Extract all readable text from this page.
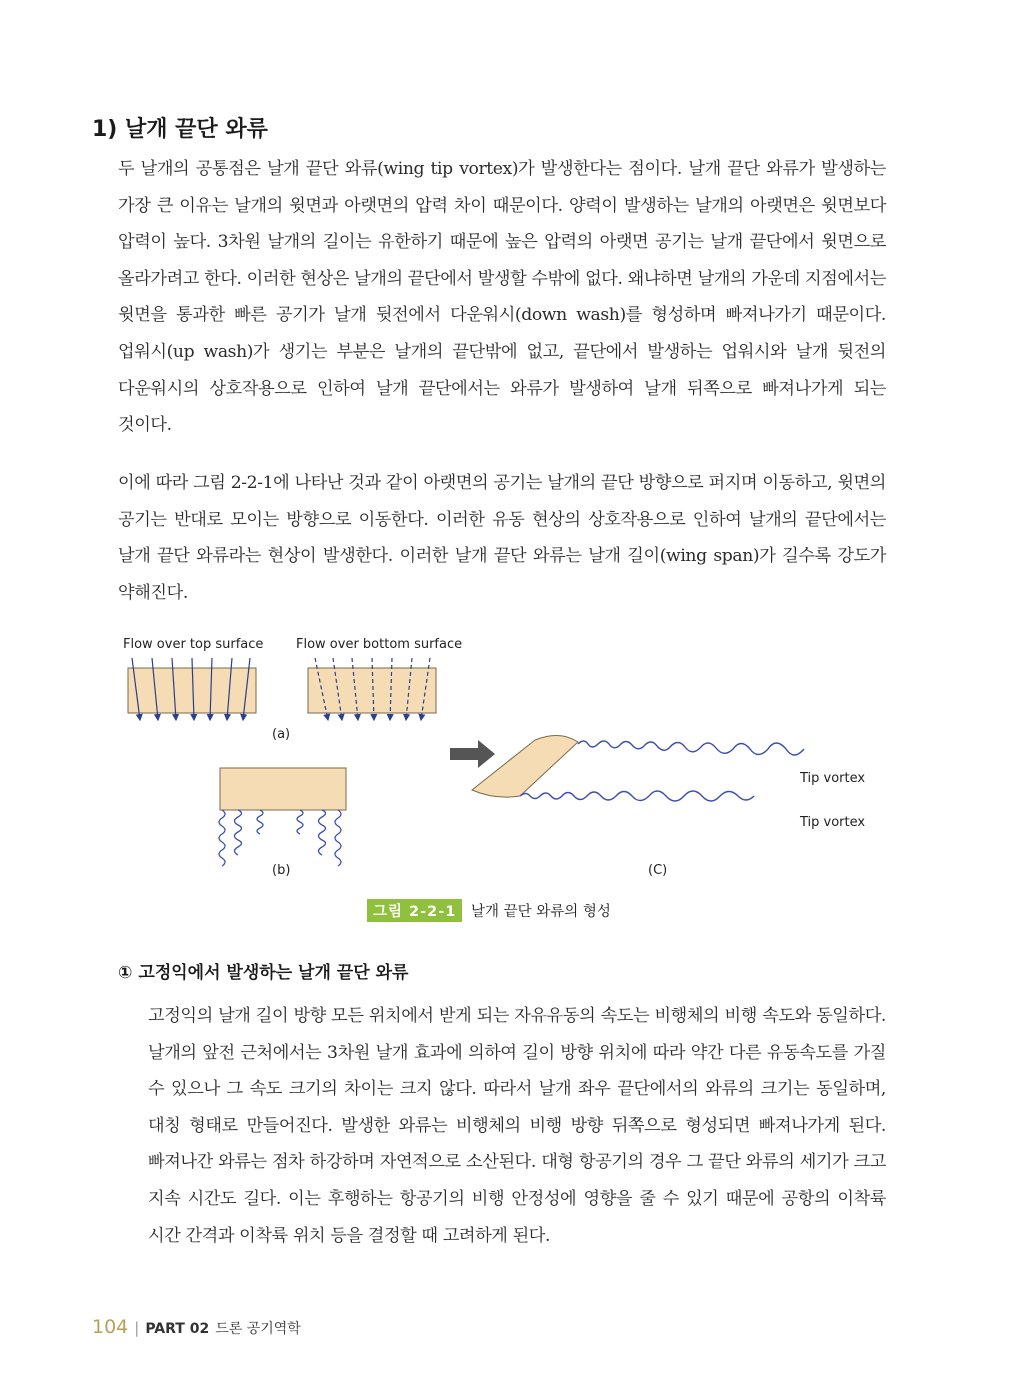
1) 날개 끝단 와류

두 날개의 공통점은 날개 끝단 와류(wing tip vortex)가 발생한다는 점이다. 날개 끝단 와류가 발생하는 가장 큰 이유는 날개의 윗면과 아랫면의 압력 차이 때문이다. 양력이 발생하는 날개의 아랫면은 윗면보다 압력이 높다. 3차원 날개의 길이는 유한하기 때문에 높은 압력의 아랫면 공기는 날개 끝단에서 윗면으로 올라가려고 한다. 이러한 현상은 날개의 끝단에서 발생할 수밖에 없다. 왜냐하면 날개의 가운데 지점에서는 윗면을 통과한 빠른 공기가 날개 뒷전에서 다운워시(down wash)를 형성하며 빠져나가기 때문이다. 업워시(up wash)가 생기는 부분은 날개의 끝단밖에 없고, 끝단에서 발생하는 업워시와 날개 뒷전의 다운워시의 상호작용으로 인하여 날개 끝단에서는 와류가 발생하여 날개 뒤쪽으로 빠져나가게 되는 것이다.

이에 따라 그림 2-2-1에 나타난 것과 같이 아랫면의 공기는 날개의 끝단 방향으로 퍼지며 이동하고, 윗면의 공기는 반대로 모이는 방향으로 이동한다. 이러한 유동 현상의 상호작용으로 인하여 날개의 끝단에서는 날개 끝단 와류라는 현상이 발생한다. 이러한 날개 끝단 와류는 날개 길이(wing span)가 길수록 강도가 약해진다.

Flow over top surface	Flow over bottom surface
(a)
(b)
Tip vortex
Tip vortex
(C)
그림 2-2-1 날개 끝단 와류의 형성
① 고정익에서 발생하는 날개 끝단 와류

고정익의 날개 길이 방향 모든 위치에서 받게 되는 자유유동의 속도는 비행체의 비행 속도와 동일하다. 날개의 앞전 근처에서는 3차원 날개 효과에 의하여 길이 방향 위치에 따라 약간 다른 유동속도를 가질 수 있으나 그 속도 크기의 차이는 크지 않다. 따라서 날개 좌우 끝단에서의 와류의 크기는 동일하며, 대칭 형태로 만들어진다. 발생한 와류는 비행체의 비행 방향 뒤쪽으로 형성되면 빠져나가게 된다. 빠져나간 와류는 점차 하강하며 자연적으로 소산된다. 대형 항공기의 경우 그 끝단 와류의 세기가 크고 지속 시간도 길다. 이는 후행하는 항공기의 비행 안정성에 영향을 줄 수 있기 때문에 공항의 이착륙 시간 간격과 이착륙 위치 등을 결정할 때 고려하게 된다.

104 | PART 02 드론 공기역학
